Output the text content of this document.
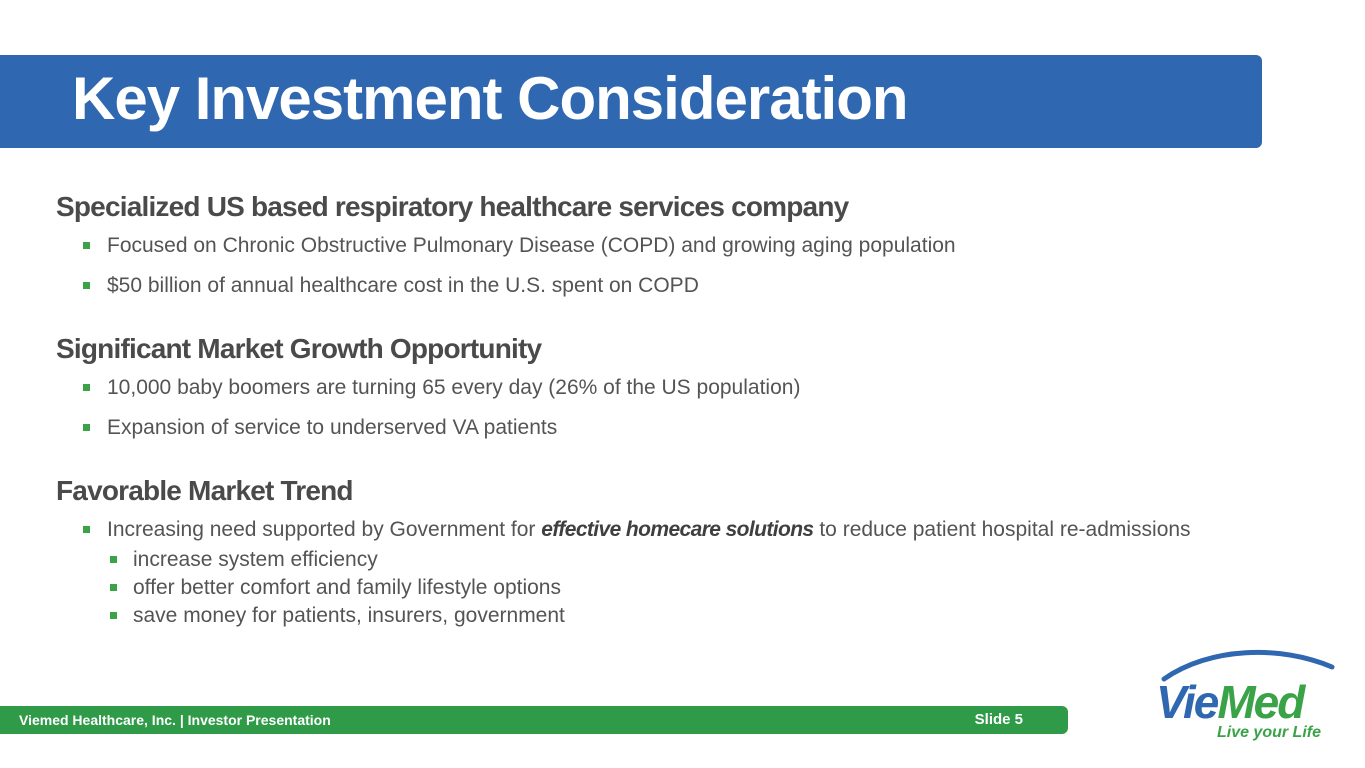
Key Investment Consideration
Specialized US based respiratory healthcare services company
Focused on Chronic Obstructive Pulmonary Disease (COPD) and growing aging population
$50 billion of annual healthcare cost in the U.S. spent on COPD
Significant Market Growth Opportunity
10,000 baby boomers are turning 65 every day (26% of the US population)
Expansion of service to underserved VA patients
Favorable Market Trend
Increasing need supported by Government for effective homecare solutions to reduce patient hospital re-admissions
increase system efficiency
offer better comfort and family lifestyle options
save money for patients, insurers, government
Viemed Healthcare, Inc. | Investor Presentation	Slide 5	VieMed
Live your Life
